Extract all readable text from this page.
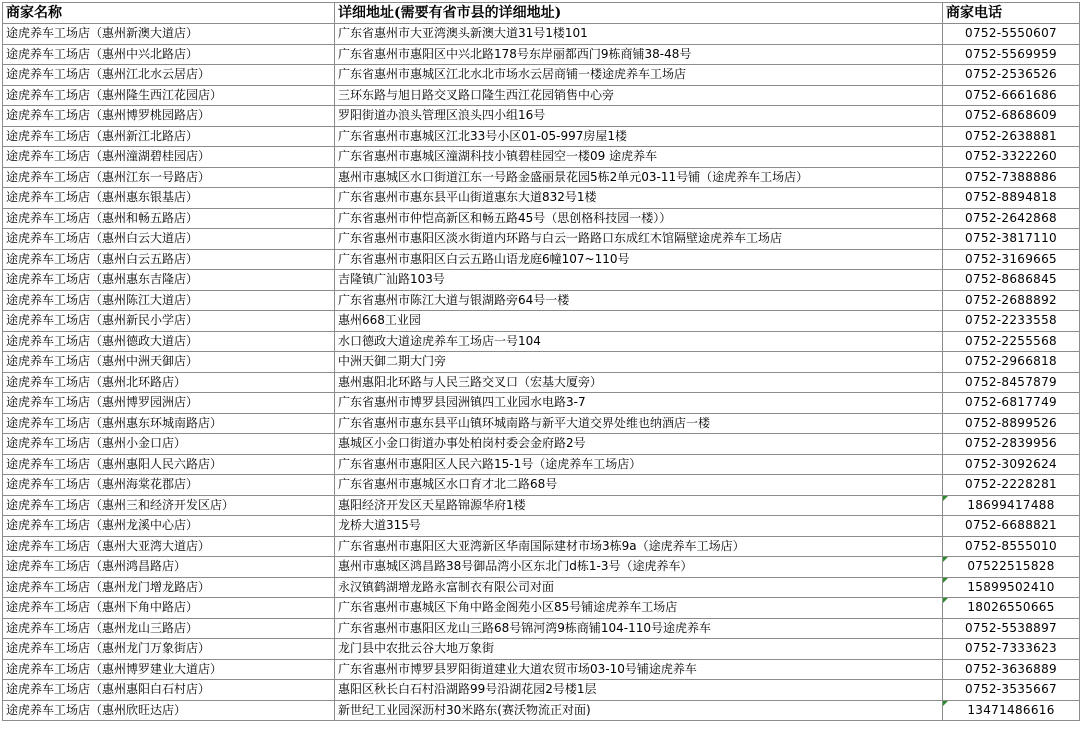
商家名称	详细地址(需要有省市县的详细地址)	商家电话
途虎养车工场店（惠州新澳大道店）	广东省惠州市大亚湾澳头新澳大道31号1楼101	0752-5550607
途虎养车工场店（惠州中兴北路店）	广东省惠州市惠阳区中兴北路178号东岸丽都西门9栋商铺38-48号	0752-5569959
途虎养车工场店（惠州江北水云居店）	广东省惠州市惠城区江北水北市场水云居商铺一楼途虎养车工场店	0752-2536526
途虎养车工场店（惠州隆生西江花园店）	三环东路与旭日路交叉路口隆生西江花园销售中心旁	0752-6661686
途虎养车工场店（惠州博罗桃园路店）	罗阳街道办浪头管理区浪头四小组16号	0752-6868609
途虎养车工场店（惠州新江北路店）	广东省惠州市惠城区江北33号小区01-05-997房屋1楼	0752-2638881
途虎养车工场店（惠州潼湖碧桂园店）	广东省惠州市惠城区潼湖科技小镇碧桂园空一楼09 途虎养车	0752-3322260
途虎养车工场店（惠州江东一号路店）	惠州市惠城区水口街道江东一号路金盛丽景花园5栋2单元03-11号铺（途虎养车工场店）	0752-7388886
途虎养车工场店（惠州惠东银基店）	广东省惠州市惠东县平山街道惠东大道832号1楼	0752-8894818
途虎养车工场店（惠州和畅五路店）	广东省惠州市仲恺高新区和畅五路45号（思创格科技园一楼））	0752-2642868
途虎养车工场店（惠州白云大道店）	广东省惠州市惠阳区淡水街道内环路与白云一路路口东成红木馆隔壁途虎养车工场店	0752-3817110
途虎养车工场店（惠州白云五路店）	广东省惠州市惠阳区白云五路山语龙庭6幢107~110号	0752-3169665
途虎养车工场店（惠州惠东吉隆店）	吉隆镇广汕路103号	0752-8686845
途虎养车工场店（惠州陈江大道店）	广东省惠州市陈江大道与银湖路旁64号一楼	0752-2688892
途虎养车工场店（惠州新民小学店）	惠州668工业园	0752-2233558
途虎养车工场店（惠州德政大道店）	水口德政大道途虎养车工场店一号104	0752-2255568
途虎养车工场店（惠州中洲天御店）	中洲天御二期大门旁	0752-2966818
途虎养车工场店（惠州北环路店）	惠州惠阳北环路与人民三路交叉口（宏基大厦旁）	0752-8457879
途虎养车工场店（惠州博罗园洲店）	广东省惠州市博罗县园洲镇四工业园水电路3-7	0752-6817749
途虎养车工场店（惠州惠东环城南路店）	广东省惠州市惠东县平山镇环城南路与新平大道交界处维也纳酒店一楼	0752-8899526
途虎养车工场店（惠州小金口店）	惠城区小金口街道办事处柏岗村委会金府路2号	0752-2839956
途虎养车工场店（惠州惠阳人民六路店）	广东省惠州市惠阳区人民六路15-1号（途虎养车工场店）	0752-3092624
途虎养车工场店（惠州海棠花郡店）	广东省惠州市惠城区水口育才北二路68号	0752-2228281
途虎养车工场店（惠州三和经济开发区店）	惠阳经济开发区天星路锦源华府1楼	18699417488
途虎养车工场店（惠州龙溪中心店）	龙桥大道315号	0752-6688821
途虎养车工场店（惠州大亚湾大道店）	广东省惠州市惠阳区大亚湾新区华南国际建材市场3栋9a（途虎养车工场店）	0752-8555010
途虎养车工场店（惠州鸿昌路店）	惠州市惠城区鸿昌路38号御品湾小区东北门d栋1-3号（途虎养车）	07522515828
途虎养车工场店（惠州龙门增龙路店）	永汉镇鹤湖增龙路永富制衣有限公司对面	15899502410
途虎养车工场店（惠州下角中路店）	广东省惠州市惠城区下角中路金阁苑小区85号铺途虎养车工场店	18026550665
途虎养车工场店（惠州龙山三路店）	广东省惠州市惠阳区龙山三路68号锦河湾9栋商铺104-110号途虎养车	0752-5538897
途虎养车工场店（惠州龙门万象街店）	龙门县中农批云谷大地万象街	0752-7333623
途虎养车工场店（惠州博罗建业大道店）	广东省惠州市博罗县罗阳街道建业大道农贸市场03-10号铺途虎养车	0752-3636889
途虎养车工场店（惠州惠阳白石村店）	惠阳区秋长白石村沿湖路99号沿湖花园2号楼1层	0752-3535667
途虎养车工场店（惠州欣旺达店）	新世纪工业园深沥村30米路东(赛沃物流正对面)	13471486616
